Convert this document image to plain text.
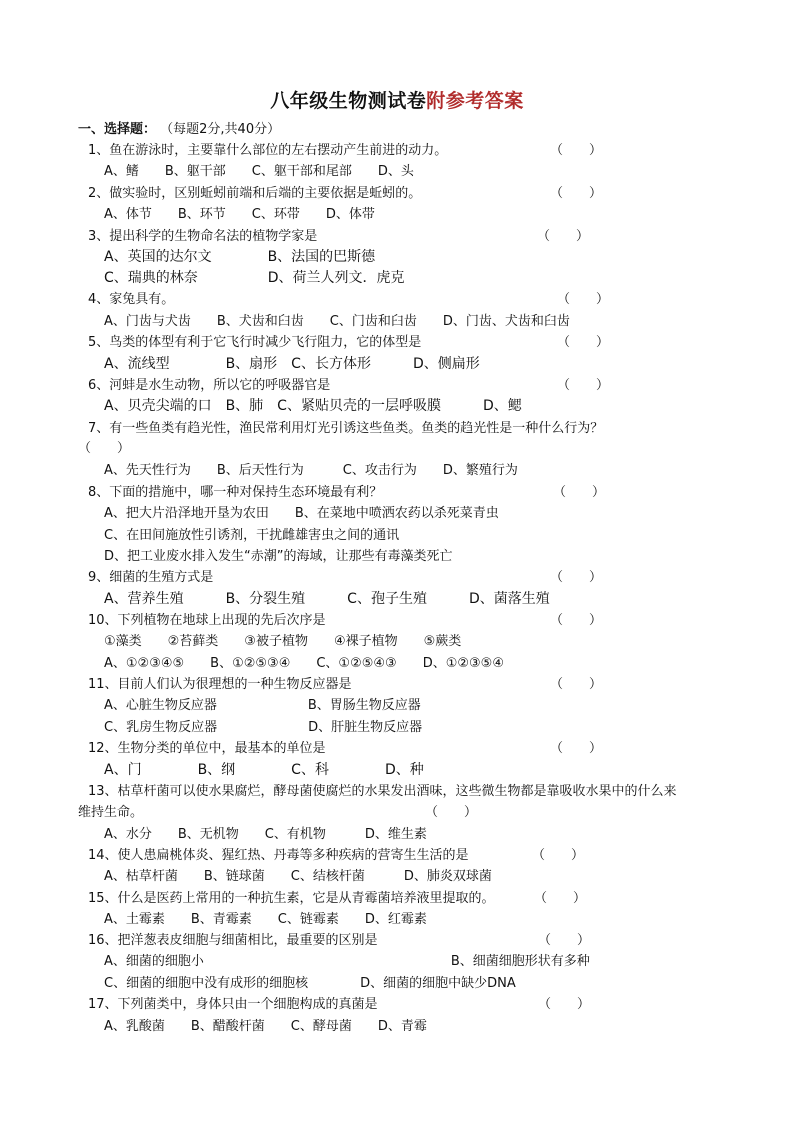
八年级生物测试卷附参考答案
一、选择题： （每题2分,共40分）
1、鱼在游泳时，主要靠什么部位的左右摆动产生前进的动力。	（　　）
A、鳍　　B、躯干部　　C、躯干部和尾部　　D、头
2、做实验时，区别蚯蚓前端和后端的主要依据是蚯蚓的。	（　　）
A、体节　　B、环节　　C、环带　　D、体带
3、提出科学的生物命名法的植物学家是	（　　）
A、英国的达尔文　　　　B、法国的巴斯德
C、瑞典的林奈　　　　　D、荷兰人列文．虎克
4、家兔具有。	（　　）
A、门齿与犬齿　　B、犬齿和臼齿　　C、门齿和臼齿　　D、门齿、犬齿和臼齿
5、鸟类的体型有利于它飞行时减少飞行阻力，它的体型是	（　　）
A、流线型　　　　B、扇形　C、长方体形　　　D、侧扁形
6、河蚌是水生动物，所以它的呼吸器官是	（　　）
A、贝壳尖端的口　B、肺　C、紧贴贝壳的一层呼吸膜　　　D、鳃
7、有一些鱼类有趋光性，渔民常利用灯光引诱这些鱼类。鱼类的趋光性是一种什么行为？
（　　）
A、先天性行为　　B、后天性行为　　　C、攻击行为　　D、繁殖行为
8、下面的措施中，哪一种对保持生态环境最有利？	（　　）
A、把大片沿泽地开垦为农田　　B、在菜地中喷洒农药以杀死菜青虫
C、在田间施放性引诱剂，干扰雌雄害虫之间的通讯
D、把工业废水排入发生“赤潮”的海域，让那些有毒藻类死亡
9、细菌的生殖方式是	（　　）
A、营养生殖　　　B、分裂生殖　　　C、孢子生殖　　　D、菌落生殖
10、下列植物在地球上出现的先后次序是	（　　）
①藻类　　②苔藓类　　③被子植物　　④裸子植物　　⑤蕨类
A、①②③④⑤　　B、①②⑤③④　　C、①②⑤④③　　D、①②③⑤④
11、目前人们认为很理想的一种生物反应器是	（　　）
A、心脏生物反应器　　　　　　　B、胃肠生物反应器
C、乳房生物反应器　　　　　　　D、肝脏生物反应器
12、生物分类的单位中，最基本的单位是	（　　）
A、门　　　　B、纲　　　　C、科　　　　D、种
13、枯草杆菌可以使水果腐烂，酵母菌使腐烂的水果发出酒味，这些微生物都是靠吸收水果中的什么来
维持生命。	（　　）
A、水分　　B、无机物　　C、有机物　　　D、维生素
14、使人患扁桃体炎、猩红热、丹毒等多种疾病的营寄生生活的是	（　　）
A、枯草杆菌　　B、链球菌　　C、结核杆菌　　　D、肺炎双球菌
15、什么是医药上常用的一种抗生素，它是从青霉菌培养液里提取的。	（　　）
A、土霉素　　B、青霉素　　C、链霉素　　D、红霉素
16、把洋葱表皮细胞与细菌相比，最重要的区别是	（　　）
A、细菌的细胞小　　　　　　　　　　　　　　　　　　　B、细菌细胞形状有多种
C、细菌的细胞中没有成形的细胞核　　　　D、细菌的细胞中缺少DNA
17、下列菌类中，身体只由一个细胞构成的真菌是	（　　）
A、乳酸菌　　B、醋酸杆菌　　C、酵母菌　　D、青霉
